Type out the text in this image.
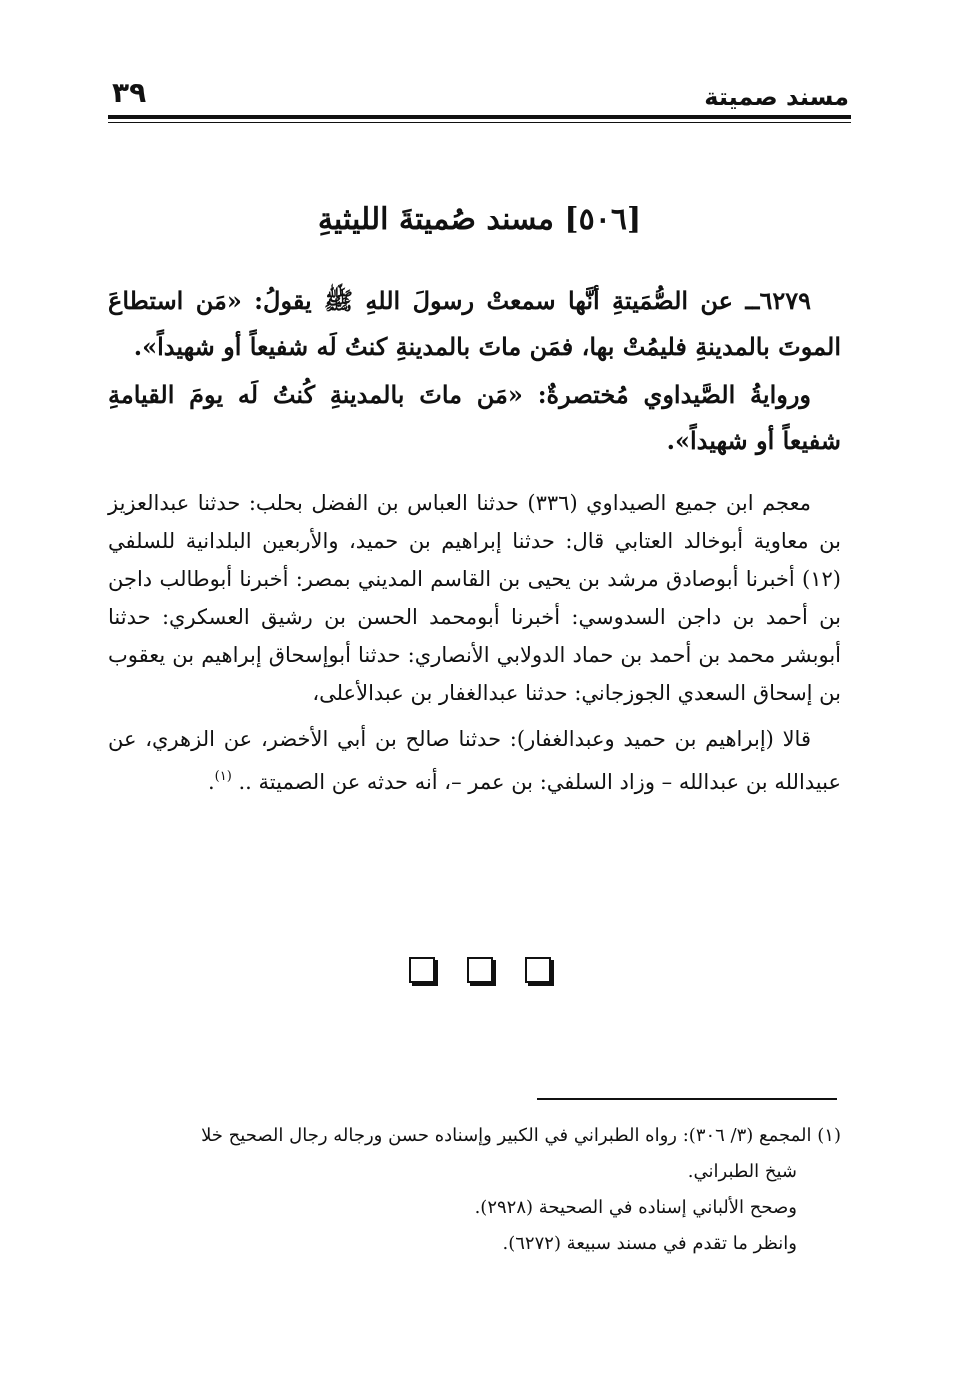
مسند صميتة
٣٩
[٥٠٦] مسند صُميتةَ الليثيةِ

٦٢٧٩ــ عن الصُّمَيتةِ أنَّها سمعتْ رسولَ اللهِ ﷺ يقولُ: «مَن استطاعَ الموتَ بالمدينةِ فليمُتْ بها، فمَن ماتَ بالمدينةِ كنتُ لَه شفيعاً أو شهيداً».

وروايةُ الصَّيداوي مُختصرةٌ: «مَن ماتَ بالمدينةِ كُنتُ لَه يومَ القيامةِ شفيعاً أو شهيداً».

معجم ابن جميع الصيداوي (٣٣٦) حدثنا العباس بن الفضل بحلب: حدثنا عبدالعزيز بن معاوية أبوخالد العتابي قال: حدثنا إبراهيم بن حميد، والأربعين البلدانية للسلفي (١٢) أخبرنا أبوصادق مرشد بن يحيى بن القاسم المديني بمصر: أخبرنا أبوطالب داجن بن أحمد بن داجن السدوسي: أخبرنا أبومحمد الحسن بن رشيق العسكري: حدثنا أبوبشر محمد بن أحمد بن حماد الدولابي الأنصاري: حدثنا أبوإسحاق إبراهيم بن يعقوب بن إسحاق السعدي الجوزجاني: حدثنا عبدالغفار بن عبدالأعلى،

قالا (إبراهيم بن حميد وعبدالغفار): حدثنا صالح بن أبي الأخضر، عن الزهري، عن عبيدالله بن عبدالله – وزاد السلفي: بن عمر –، أنه حدثه عن الصميتة .. $^{(١)}$.

(١) المجمع (٣/ ٣٠٦): رواه الطبراني في الكبير وإسناده حسن ورجاله رجال الصحيح خلا

شيخ الطبراني.

وصحح الألباني إسناده في الصحيحة (٢٩٢٨).

وانظر ما تقدم في مسند سبيعة (٦٢٧٢).
